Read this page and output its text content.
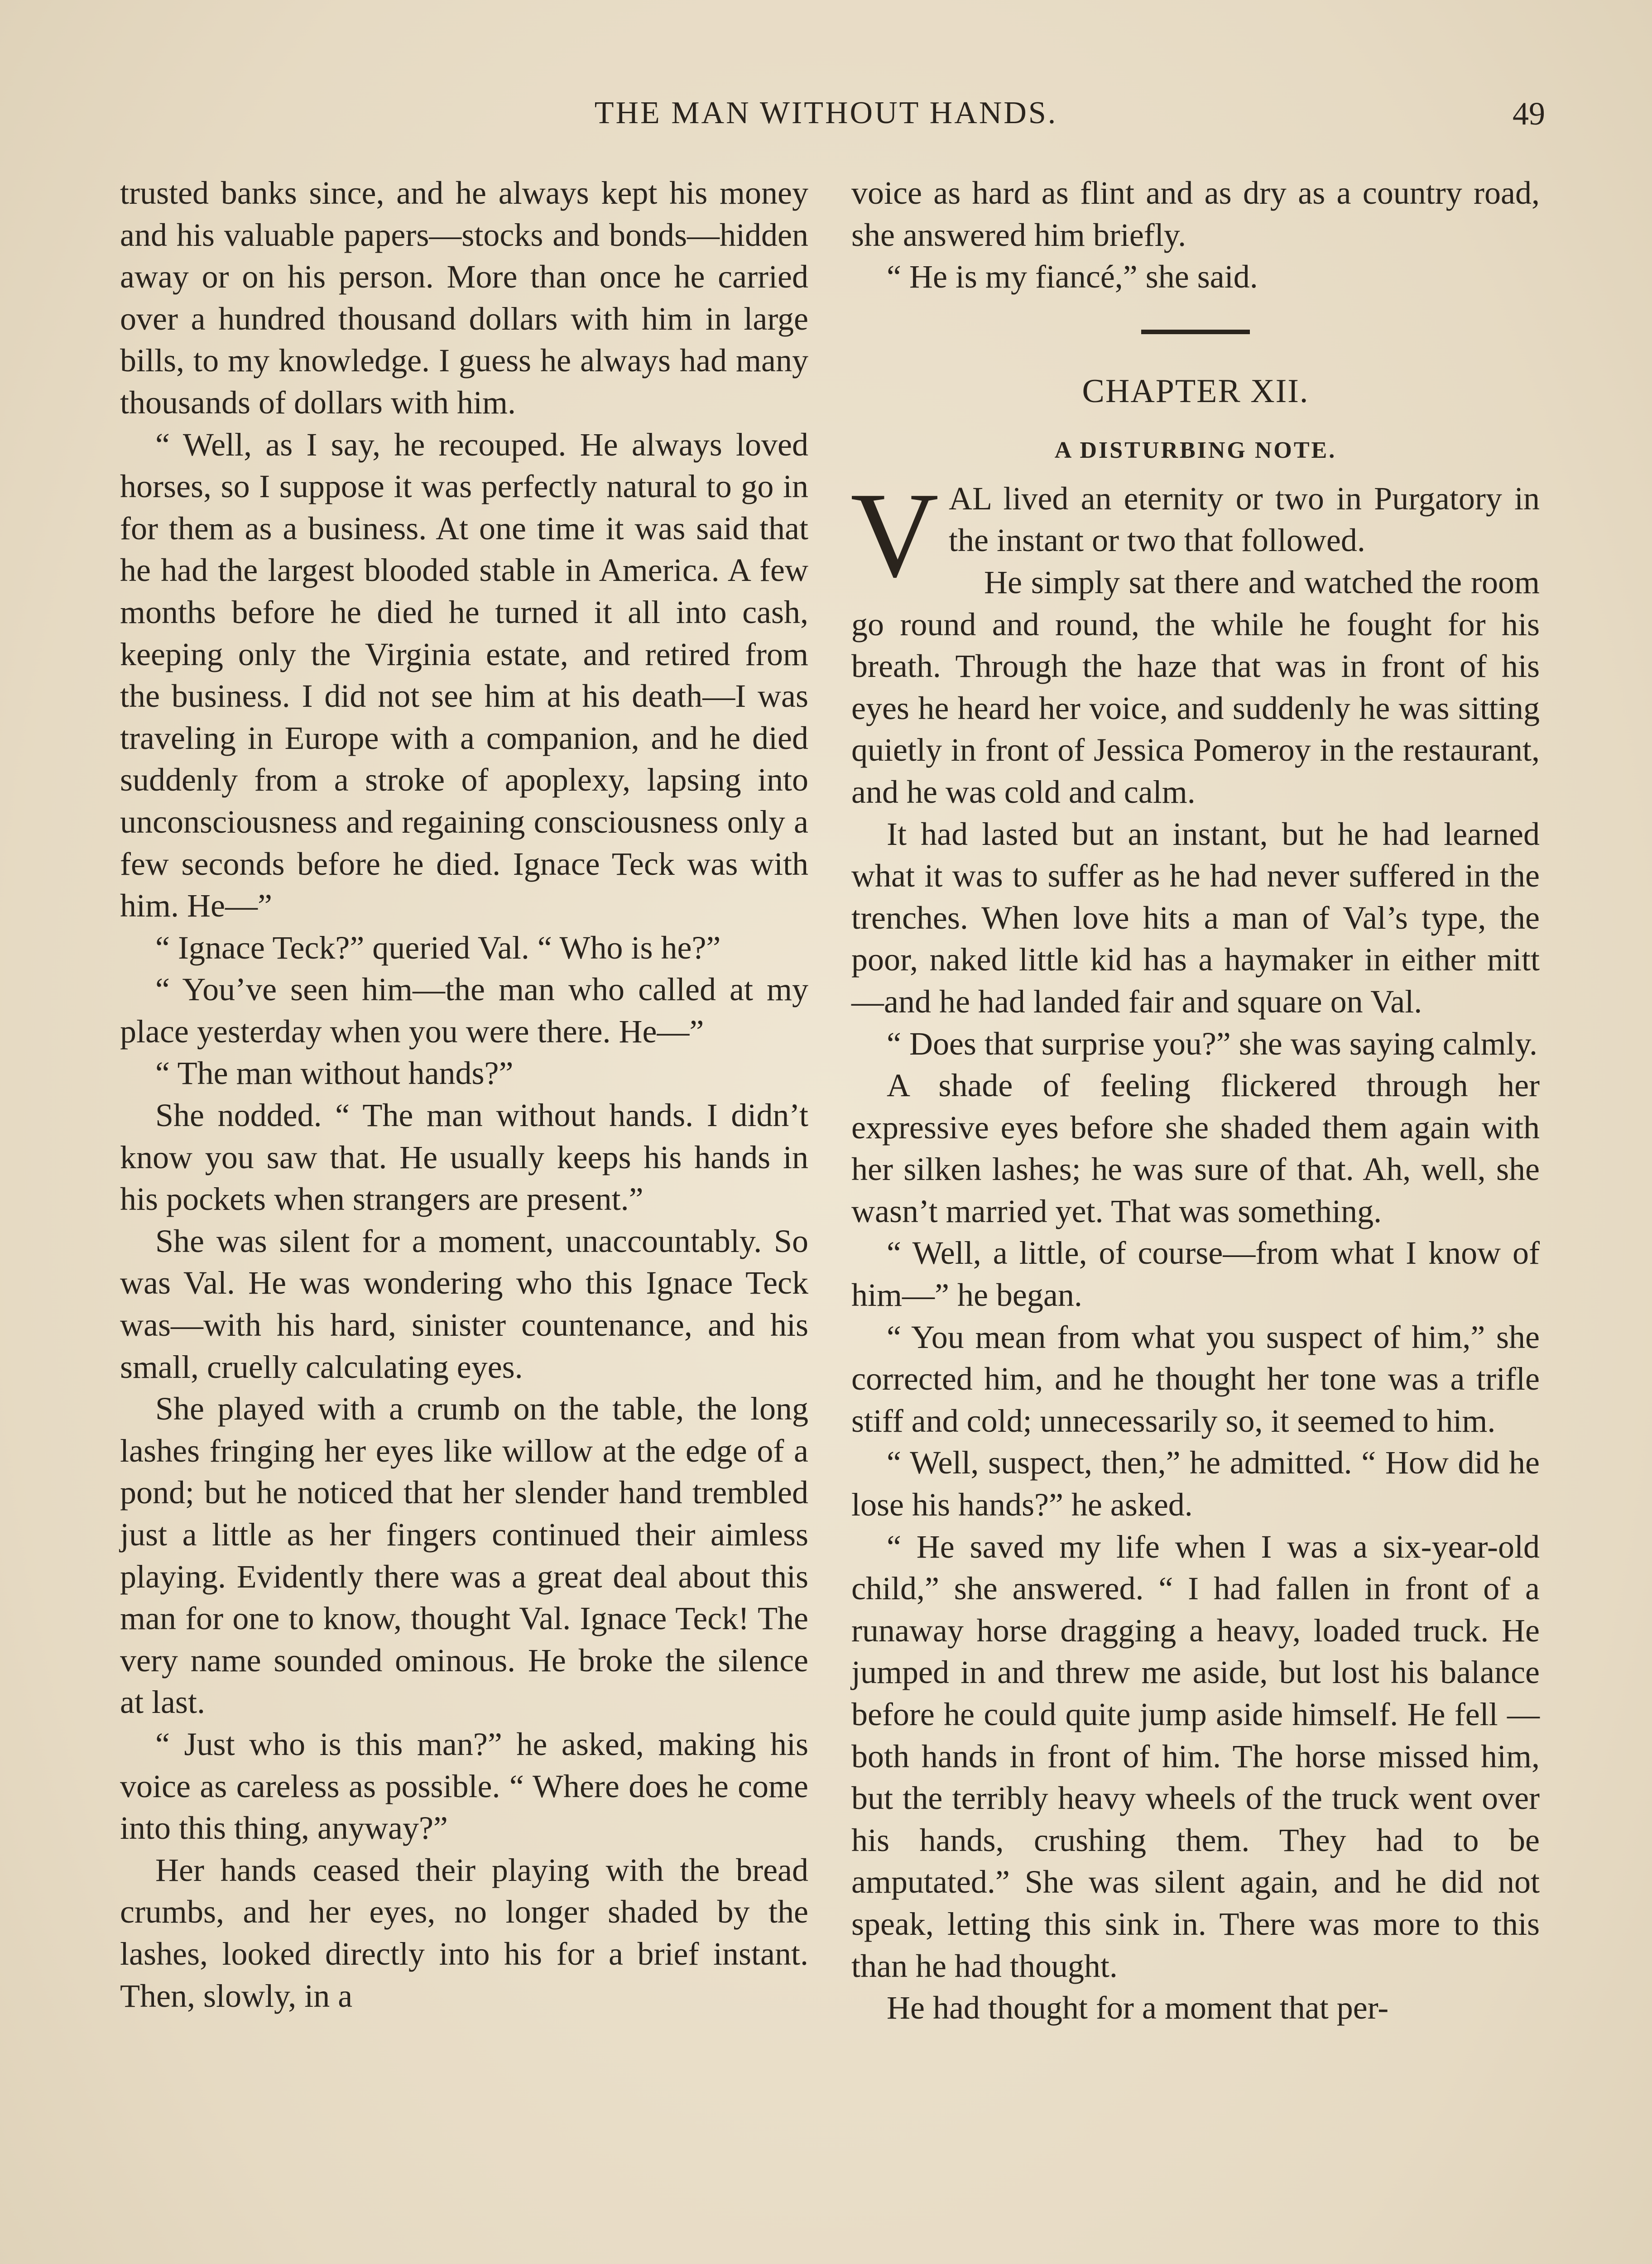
THE MAN WITHOUT HANDS.	49

trusted banks since, and he always kept his money and his valuable papers—stocks and bonds—hidden away or on his person. More than once he carried over a hundred thousand dollars with him in large bills, to my knowledge. I guess he always had many thousands of dollars with him.

“ Well, as I say, he recouped. He always loved horses, so I suppose it was perfectly natural to go in for them as a business. At one time it was said that he had the largest blooded stable in America. A few months before he died he turned it all into cash, keeping only the Virginia estate, and retired from the business. I did not see him at his death—I was traveling in Europe with a companion, and he died suddenly from a stroke of apoplexy, lapsing into unconsciousness and regaining consciousness only a few seconds before he died. Ignace Teck was with him. He—”

“ Ignace Teck?” queried Val. “ Who is he?”

“ You’ve seen him—the man who called at my place yesterday when you were there. He—”

“ The man without hands?”

She nodded. “ The man without hands. I didn’t know you saw that. He usually keeps his hands in his pockets when strangers are present.”

She was silent for a moment, unaccountably. So was Val. He was wondering who this Ignace Teck was—with his hard, sinister countenance, and his small, cruelly calculating eyes.

She played with a crumb on the table, the long lashes fringing her eyes like willow at the edge of a pond; but he noticed that her slender hand trembled just a little as her fingers continued their aimless playing. Evidently there was a great deal about this man for one to know, thought Val. Ignace Teck! The very name sounded ominous. He broke the silence at last.

“ Just who is this man?” he asked, making his voice as careless as possible. “ Where does he come into this thing, anyway?”

Her hands ceased their playing with the bread crumbs, and her eyes, no longer shaded by the lashes, looked directly into his for a brief instant. Then, slowly, in a

voice as hard as flint and as dry as a country road, she answered him briefly.

“ He is my fiancé,” she said.

CHAPTER XII.
A DISTURBING NOTE.

VAL lived an eternity or two in Purgatory in the instant or two that followed.

He simply sat there and watched the room go round and round, the while he fought for his breath. Through the haze that was in front of his eyes he heard her voice, and suddenly he was sitting quietly in front of Jessica Pomeroy in the restaurant, and he was cold and calm.

It had lasted but an instant, but he had learned what it was to suffer as he had never suffered in the trenches. When love hits a man of Val’s type, the poor, naked little kid has a haymaker in either mitt—and he had landed fair and square on Val.

“ Does that surprise you?” she was saying calmly.

A shade of feeling flickered through her expressive eyes before she shaded them again with her silken lashes; he was sure of that. Ah, well, she wasn’t married yet. That was something.

“ Well, a little, of course—from what I know of him—” he began.

“ You mean from what you suspect of him,” she corrected him, and he thought her tone was a trifle stiff and cold; unnecessarily so, it seemed to him.

“ Well, suspect, then,” he admitted. “ How did he lose his hands?” he asked.

“ He saved my life when I was a six-year-old child,” she answered. “ I had fallen in front of a runaway horse dragging a heavy, loaded truck. He jumped in and threw me aside, but lost his balance before he could quite jump aside himself. He fell —both hands in front of him. The horse missed him, but the terribly heavy wheels of the truck went over his hands, crushing them. They had to be amputated.” She was silent again, and he did not speak, letting this sink in. There was more to this than he had thought.

He had thought for a moment that per-
